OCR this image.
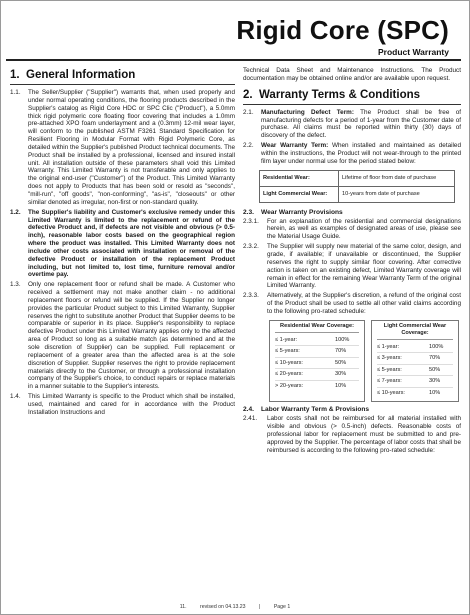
Rigid Core (SPC)
Product Warranty
1. General Information
1.1.	The Seller/Supplier ("Supplier") warrants that, when used properly and under normal operating conditions, the flooring products described in the Supplier's catalog as Rigid Core HDC or SPC Clic ("Product"), a 5.0mm thick rigid polymeric core floating floor covering that includes a 1.0mm pre-attached XPO foam underlayment and a (0.3mm) 12-mil wear layer, will conform to the published ASTM F3261 Standard Specification for Resilient Flooring in Modular Format with Rigid Polymeric Core, as detailed within the Supplier's published Product technical documents. The Product shall be installed by a professional, licensed and insured install unit. All installation outside of these parameters shall void this Limited Warranty. This Limited Warranty is not transferable and only applies to the original end-user ("Customer") of the Product. This Limited Warranty does not apply to Products that has been sold or resold as "seconds", "mill-run", "off goods", "non-conforming", "as-is", "closeouts" or other similar denoted as irregular, non-first or non-standard quality.
1.2.	The Supplier's liability and Customer's exclusive remedy under this Limited Warranty is limited to the replacement or refund of the defective Product and, if defects are not visible and obvious (> 0.5-inch), reasonable labor costs based on the geographical region where the product was installed. This Limited Warranty does not include other costs associated with installation or removal of the defective Product or installation of the replacement Product including, but not limited to, lost time, furniture removal and/or overtime pay.
1.3.	Only one replacement floor or refund shall be made. A Customer who received a settlement may not make another claim - no additional replacement floors or refund will be supplied. If the Supplier no longer provides the particular Product subject to this Limited Warranty, Supplier reserves the right to substitute another Product that Supplier deems to be comparable or superior in its place. Supplier's responsibility to replace defective Product under this Limited Warranty applies only to the affected area of Product so long as a suitable match (as determined and at the sole discretion of Supplier) can be supplied. Full replacement or replacement of a greater area than the affected area is at the sole discretion of Supplier. Supplier reserves the right to provide replacement materials directly to the Customer, or through a professional installation company of the Supplier's choice, to conduct repairs or replace materials in a manner suitable to the Supplier's interests.
1.4.	This Limited Warranty is specific to the Product which shall be installed, used, maintained and cared for in accordance with the Product Installation Instructions and
Technical Data Sheet and Maintenance Instructions. The Product documentation may be obtained online and/or are available upon request.
2. Warranty Terms & Conditions
2.1.	Manufacturing Defect Term: The Product shall be free of manufacturing defects for a period of 1-year from the Customer date of purchase. All claims must be reported within thirty (30) days of discovery of the defect.
2.2.	Wear Warranty Term: When installed and maintained as detailed within the instructions, the Product will not wear-through to the printed film layer under normal use for the period stated below:
Residential Wear:	Lifetime of floor from date of purchase
Light Commercial Wear:	10-years from date of purchase
2.3.	Wear Warranty Provisions
2.3.1.	For an explanation of the residential and commercial designations herein, as well as examples of designated areas of use, please see the Material Usage Guide.
2.3.2.	The Supplier will supply new material of the same color, design, and grade, if available; if unavailable or discontinued, the Supplier reserves the right to supply similar floor covering. After corrective action is taken on an existing defect, Limited Warranty coverage will remain in effect for the remaining Wear Warranty Term of the original Limited Warranty.
2.3.3.	Alternatively, at the Supplier's discretion, a refund of the original cost of the Product shall be used to settle all other valid claims according to the following pro-rated schedule:
Residential Wear Coverage:
≤ 1-year:	100%
≤ 5-years:	70%
≤ 10-years:	50%
≤ 20-years:	30%
> 20-years:	10%
Light Commercial Wear Coverage:
≤ 1-year:	100%
≤ 3-years:	70%
≤ 5-years:	50%
≤ 7-years:	30%
≤ 10-years:	10%
2.4.	Labor Warranty Term & Provisions
2.41.	Labor costs shall not be reimbursed for all material installed with visible and obvious (> 0.5-inch) defects. Reasonable costs of professional labor for replacement must be submitted to and pre-approved by the Supplier. The percentage of labor costs that shall be reimbursed is according to the following pro-rated schedule:
11.	revised on 04.13.23	|	Page 1
